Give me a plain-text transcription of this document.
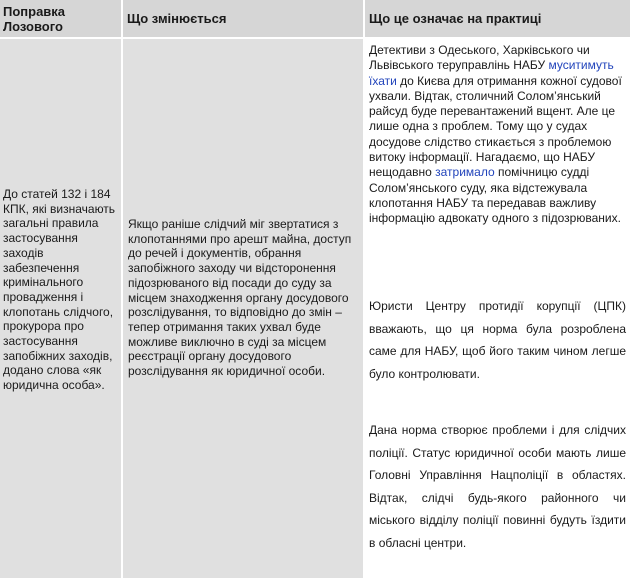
Поправка Лозового
Що змінюється	Що це означає на практиці
До статей 132 і 184 КПК, які визначають загальні правила застосування заходів забезпечення кримінального провадження і клопотань слідчого, прокурора про застосування запобіжних заходів, додано слова «як юридична особа».
Якщо раніше слідчий міг звертатися з клопотаннями про арешт майна, доступ до речей і документів, обрання запобіжного заходу чи відсторонення підозрюваного від посади до суду за місцем знаходження органу досудового розслідування, то відповідно до змін – тепер отримання таких ухвал буде можливе виключно в суді за місцем реєстрації органу досудового розслідування як юридичної особи.
Детективи з Одеського, Харківського чи Львівського теруправлінь НАБУ муситимуть їхати до Києва для отримання кожної судової ухвали. Відтак, столичний Солом’янський райсуд буде перевантажений вщент. Але це лише одна з проблем. Тому що у судах досудове слідство стикається з проблемою витоку інформації. Нагадаємо, що НАБУ нещодавно затримало помічницю судді Солом’янського суду, яка відстежувала клопотання НАБУ та передавав важливу інформацію адвокату одного з підозрюваних.
Юристи Центру протидії корупції (ЦПК) вважають, що ця норма була розроблена саме для НАБУ, щоб його таким чином легше було контролювати.
Дана норма створює проблеми і для слідчих поліції. Статус юридичної особи мають лише Головні Управління Нацполіції в областях. Відтак, слідчі будь-якого районного чи міського відділу поліції повинні будуть їздити в обласні центри.
